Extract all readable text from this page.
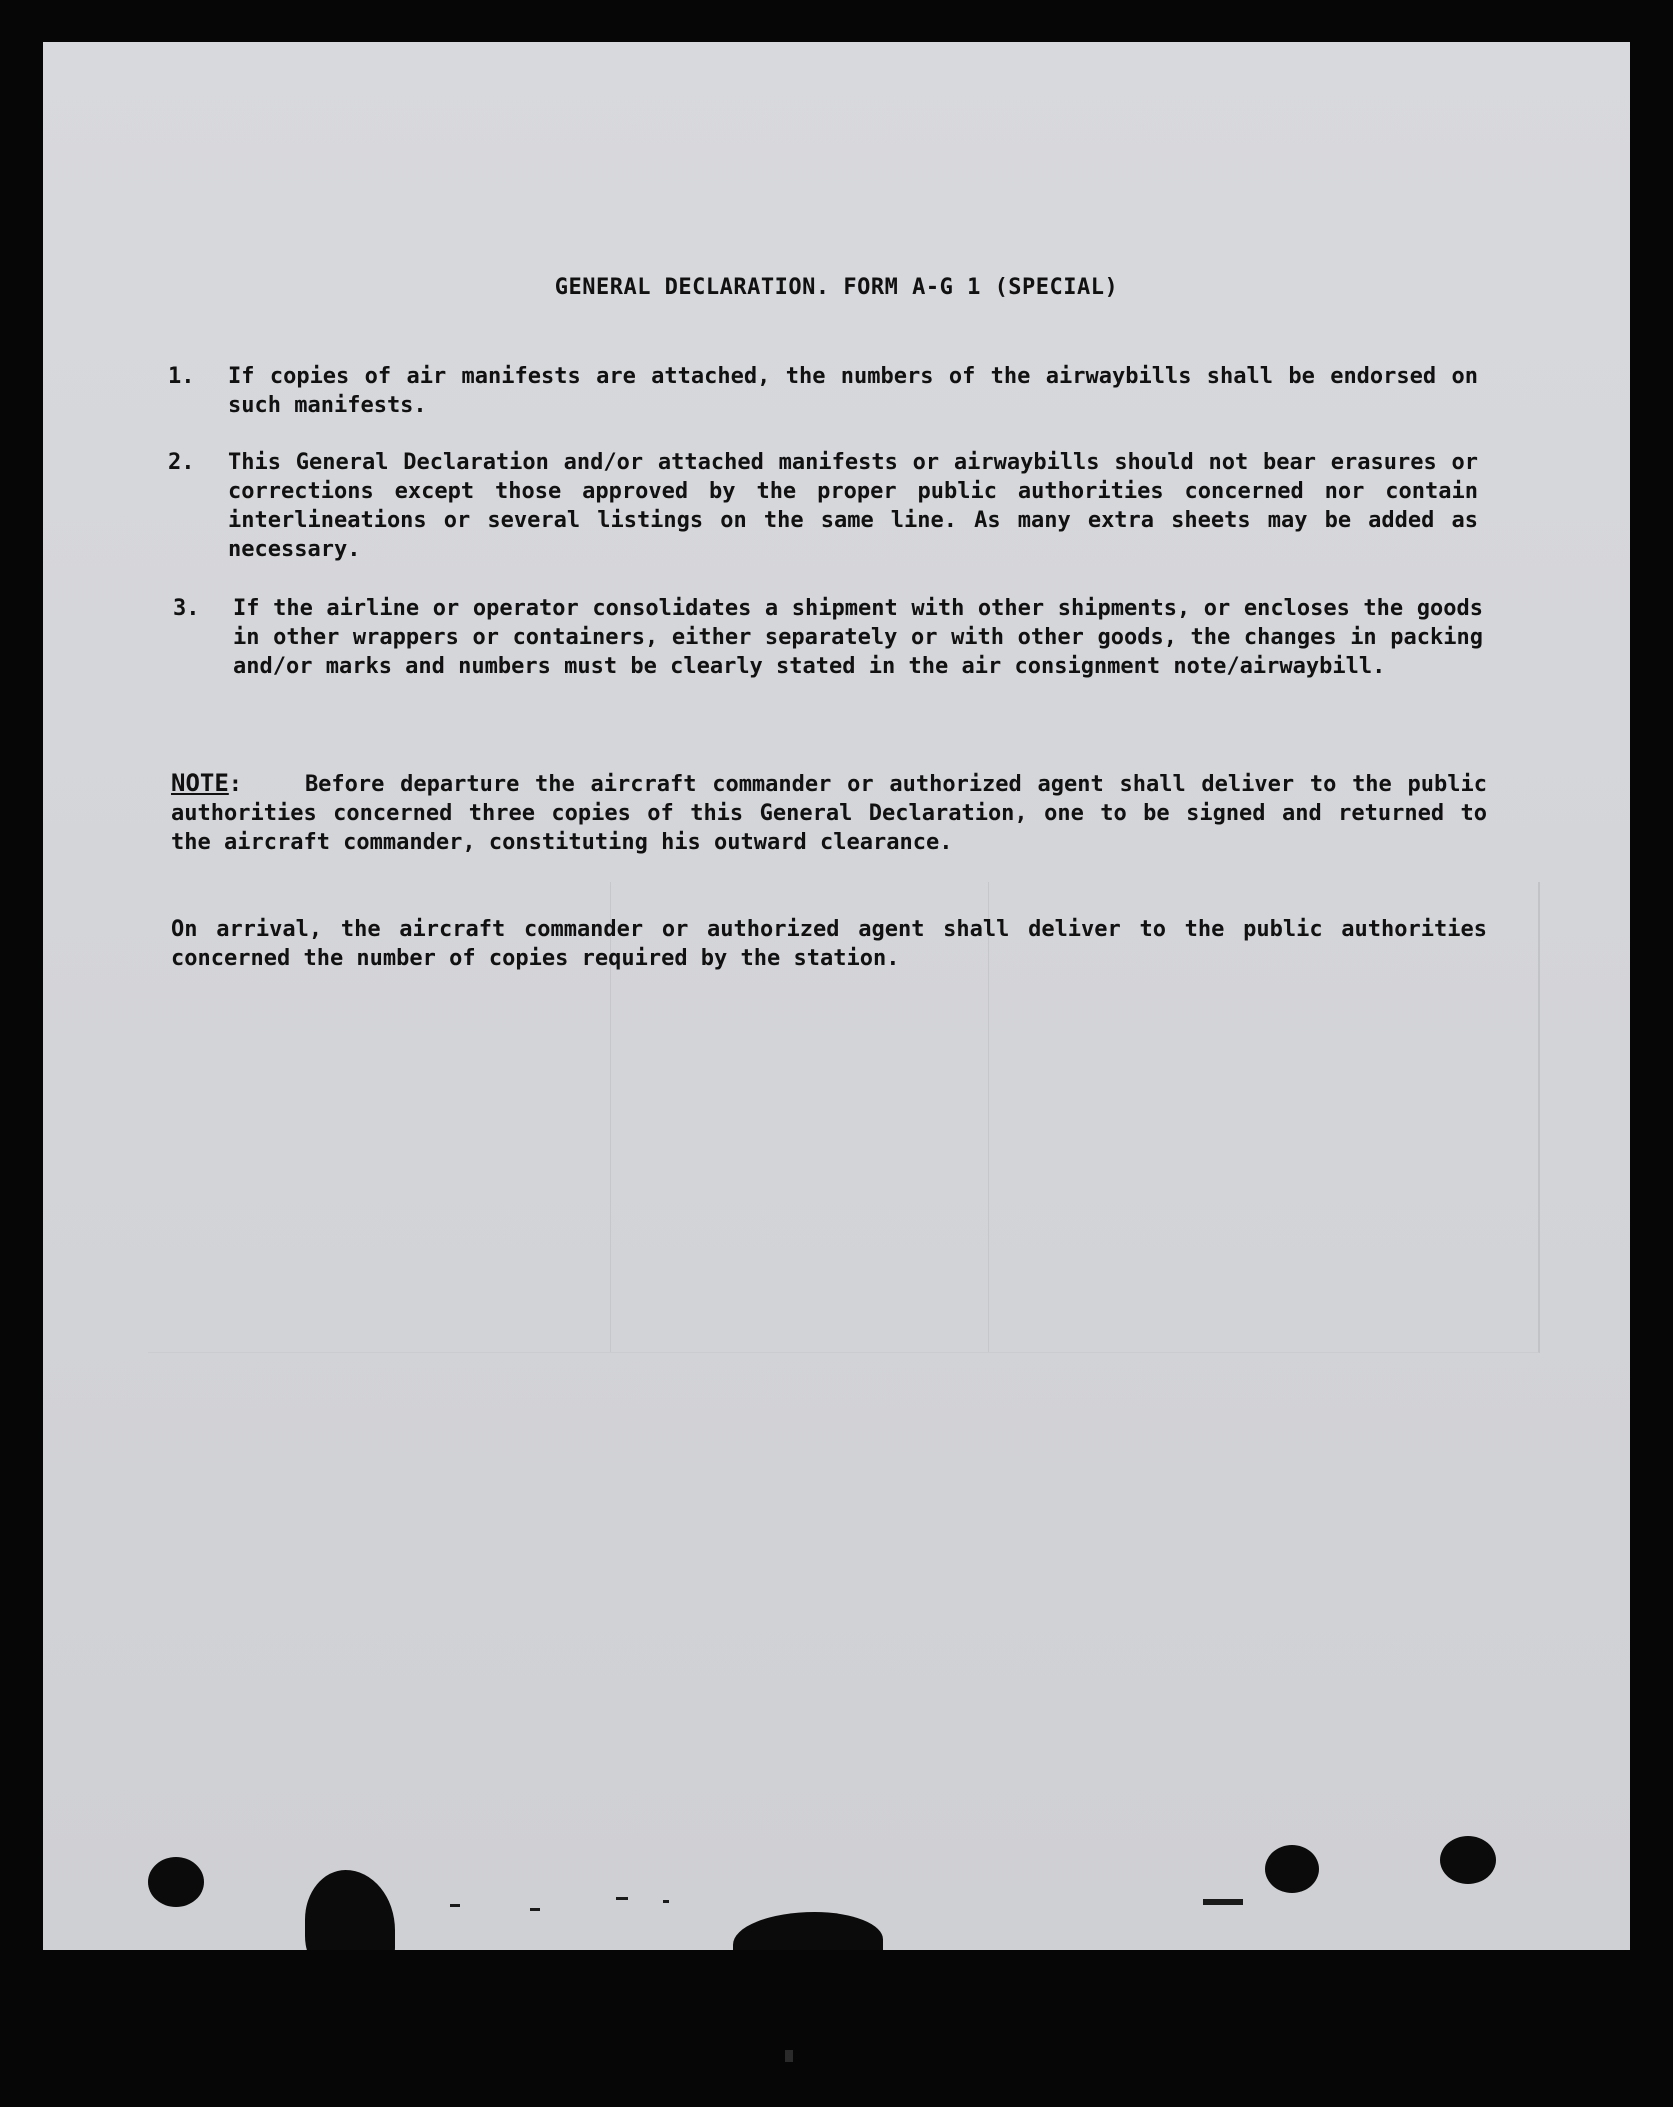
GENERAL DECLARATION. FORM A-G 1 (SPECIAL)
1. If copies of air manifests are attached, the numbers of the airwaybills shall be endorsed on such manifests.
2. This General Declaration and/or attached manifests or airwaybills should not bear erasures or corrections except those approved by the proper public authorities concerned nor contain interlineations or several listings on the same line. As many extra sheets may be added as necessary.
3. If the airline or operator consolidates a shipment with other shipments, or encloses the goods in other wrappers or containers, either separately or with other goods, the changes in packing and/or marks and numbers must be clearly stated in the air consignment note/airwaybill.
NOTE:    Before departure the aircraft commander or authorized agent shall deliver to the public authorities concerned three copies of this General Declaration, one to be signed and returned to the aircraft commander, constituting his outward clearance.
On arrival, the aircraft commander or authorized agent shall deliver to the public authorities concerned the number of copies required by the station.
